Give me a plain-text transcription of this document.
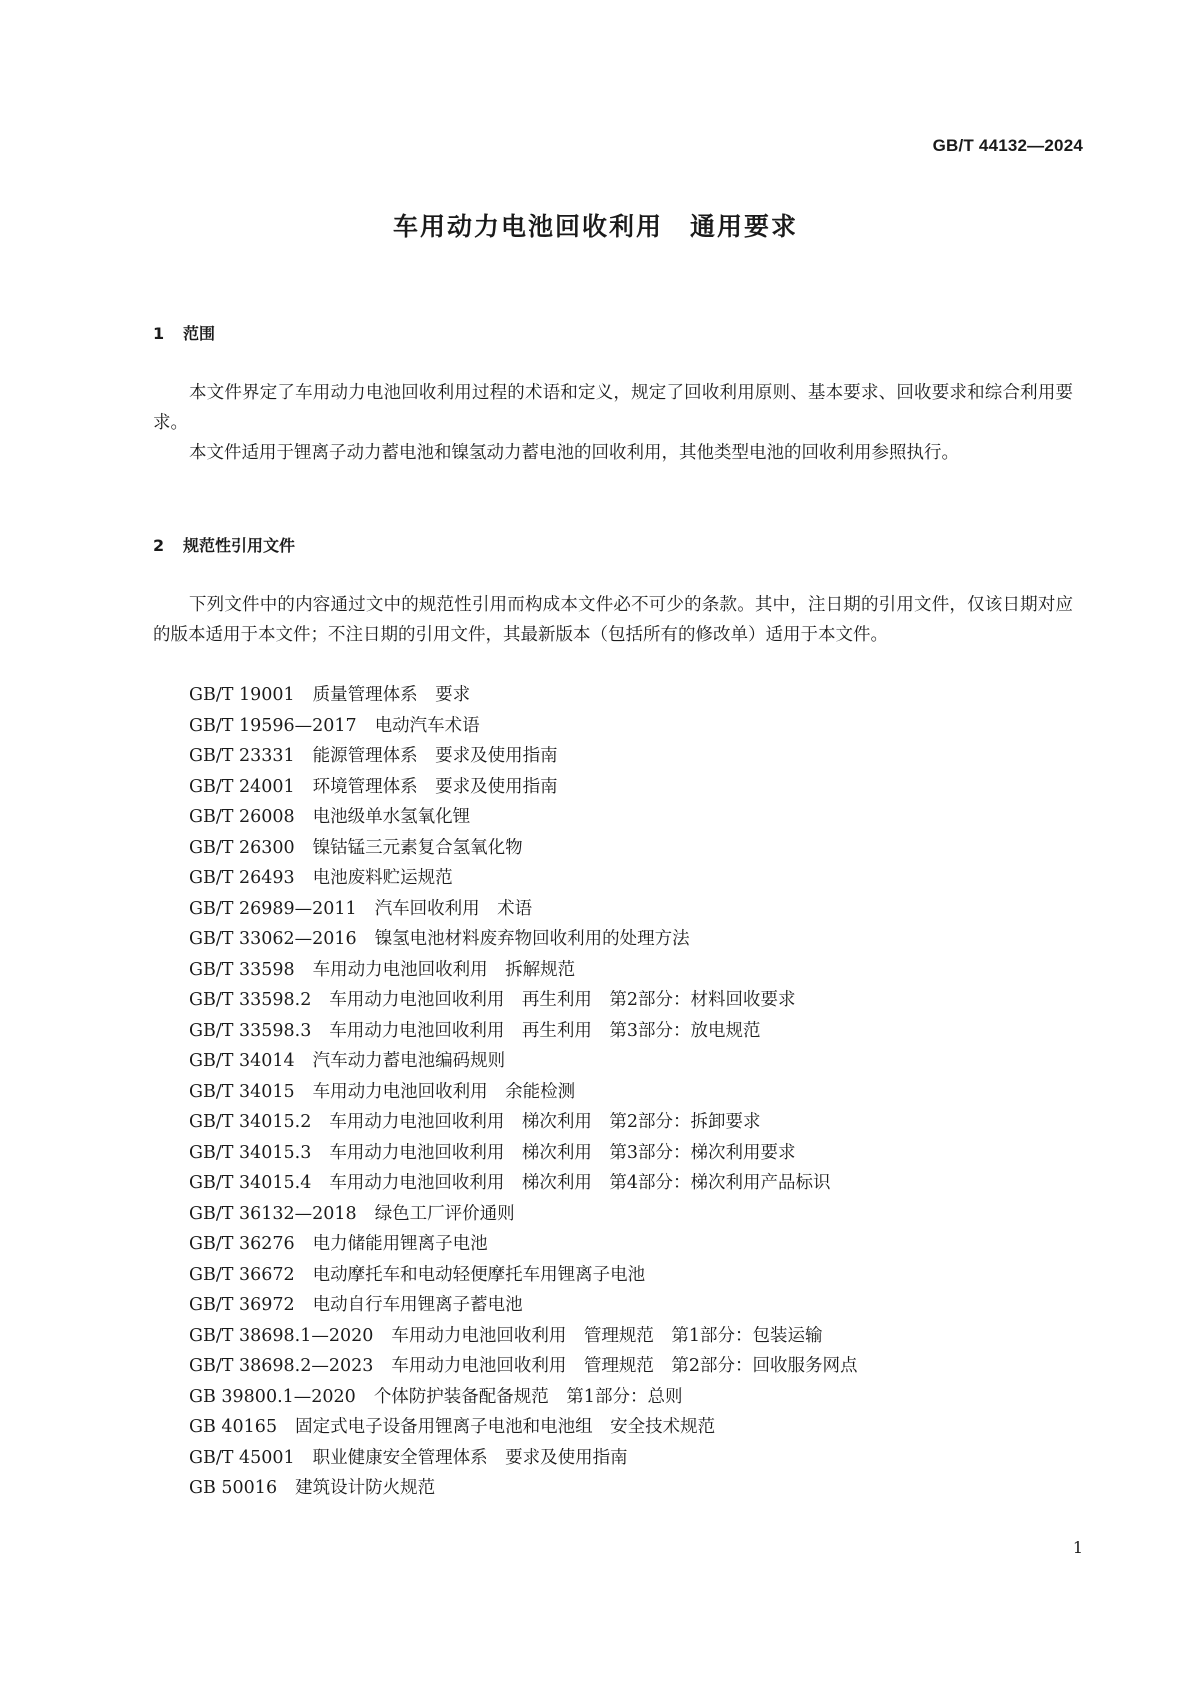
GB/T 44132—2024
车用动力电池回收利用　通用要求
1 范围

本文件界定了车用动力电池回收利用过程的术语和定义，规定了回收利用原则、基本要求、回收要求和综合利用要求。

本文件适用于锂离子动力蓄电池和镍氢动力蓄电池的回收利用，其他类型电池的回收利用参照执行。

2 规范性引用文件

下列文件中的内容通过文中的规范性引用而构成本文件必不可少的条款。其中，注日期的引用文件，仅该日期对应的版本适用于本文件；不注日期的引用文件，其最新版本（包括所有的修改单）适用于本文件。

GB/T 19001 质量管理体系　要求
GB/T 19596—2017 电动汽车术语
GB/T 23331 能源管理体系　要求及使用指南
GB/T 24001 环境管理体系　要求及使用指南
GB/T 26008 电池级单水氢氧化锂
GB/T 26300 镍钴锰三元素复合氢氧化物
GB/T 26493 电池废料贮运规范
GB/T 26989—2011 汽车回收利用　术语
GB/T 33062—2016 镍氢电池材料废弃物回收利用的处理方法
GB/T 33598 车用动力电池回收利用　拆解规范
GB/T 33598.2 车用动力电池回收利用　再生利用　第2部分：材料回收要求
GB/T 33598.3 车用动力电池回收利用　再生利用　第3部分：放电规范
GB/T 34014 汽车动力蓄电池编码规则
GB/T 34015 车用动力电池回收利用　余能检测
GB/T 34015.2 车用动力电池回收利用　梯次利用　第2部分：拆卸要求
GB/T 34015.3 车用动力电池回收利用　梯次利用　第3部分：梯次利用要求
GB/T 34015.4 车用动力电池回收利用　梯次利用　第4部分：梯次利用产品标识
GB/T 36132—2018 绿色工厂评价通则
GB/T 36276 电力储能用锂离子电池
GB/T 36672 电动摩托车和电动轻便摩托车用锂离子电池
GB/T 36972 电动自行车用锂离子蓄电池
GB/T 38698.1—2020 车用动力电池回收利用　管理规范　第1部分：包装运输
GB/T 38698.2—2023 车用动力电池回收利用　管理规范　第2部分：回收服务网点
GB 39800.1—2020 个体防护装备配备规范　第1部分：总则
GB 40165 固定式电子设备用锂离子电池和电池组　安全技术规范
GB/T 45001 职业健康安全管理体系　要求及使用指南
GB 50016 建筑设计防火规范
1
